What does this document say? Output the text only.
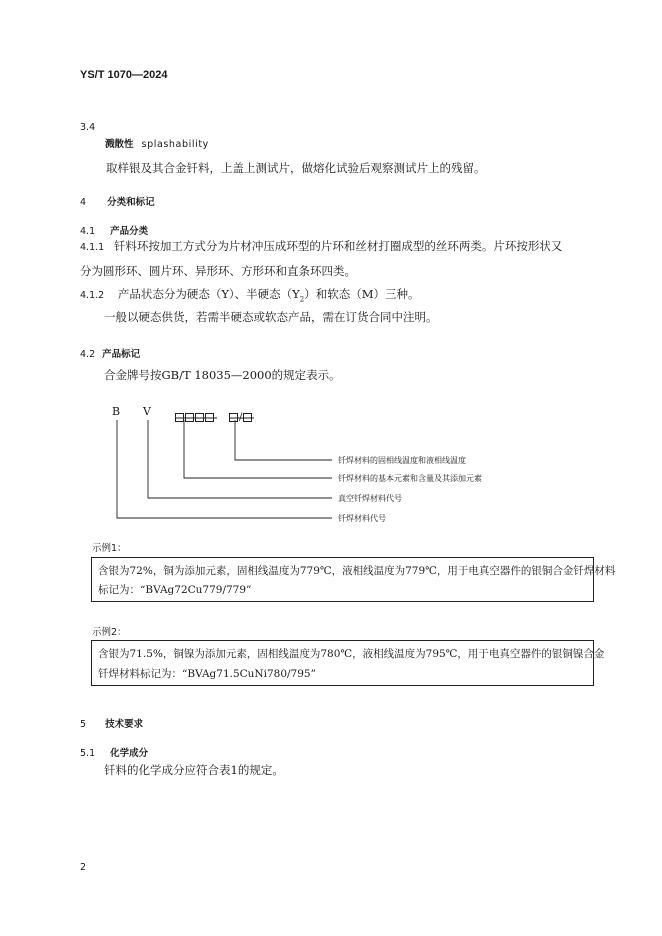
YS/T 1070—2024
3.4
溅散性 splashability
取样银及其合金钎料，上盖上测试片，做熔化试验后观察测试片上的残留。
4 分类和标记
4.1 产品分类
4.1.1 钎料环按加工方式分为片材冲压成环型的片环和丝材打圈成型的丝环两类。片环按形状又
分为圆形环、圆片环、异形环、方形环和直条环四类。
4.1.2 产品状态分为硬态（Y）、半硬态$(Y_2)$和软态（M）三种。
一般以硬态供货，若需半硬态或软态产品，需在订货合同中注明。
4.2 产品标记
合金牌号按GB/T 18035—2000的规定表示。
B V	/
钎焊材料的固相线温度和液相线温度
钎焊材料的基本元素和含量及其添加元素
真空钎焊材料代号
钎焊材料代号
示例1：
含银为72%，铜为添加元素，固相线温度为779℃，液相线温度为779℃，用于电真空器件的银铜合金钎焊材料
标记为：“BVAg72Cu779/779”
示例2：
含银为71.5%，铜镍为添加元素，固相线温度为780℃，液相线温度为795℃，用于电真空器件的银铜镍合金
钎焊材料标记为：“BVAg71.5CuNi780/795”
5 技术要求
5.1 化学成分
钎料的化学成分应符合表1的规定。
2
